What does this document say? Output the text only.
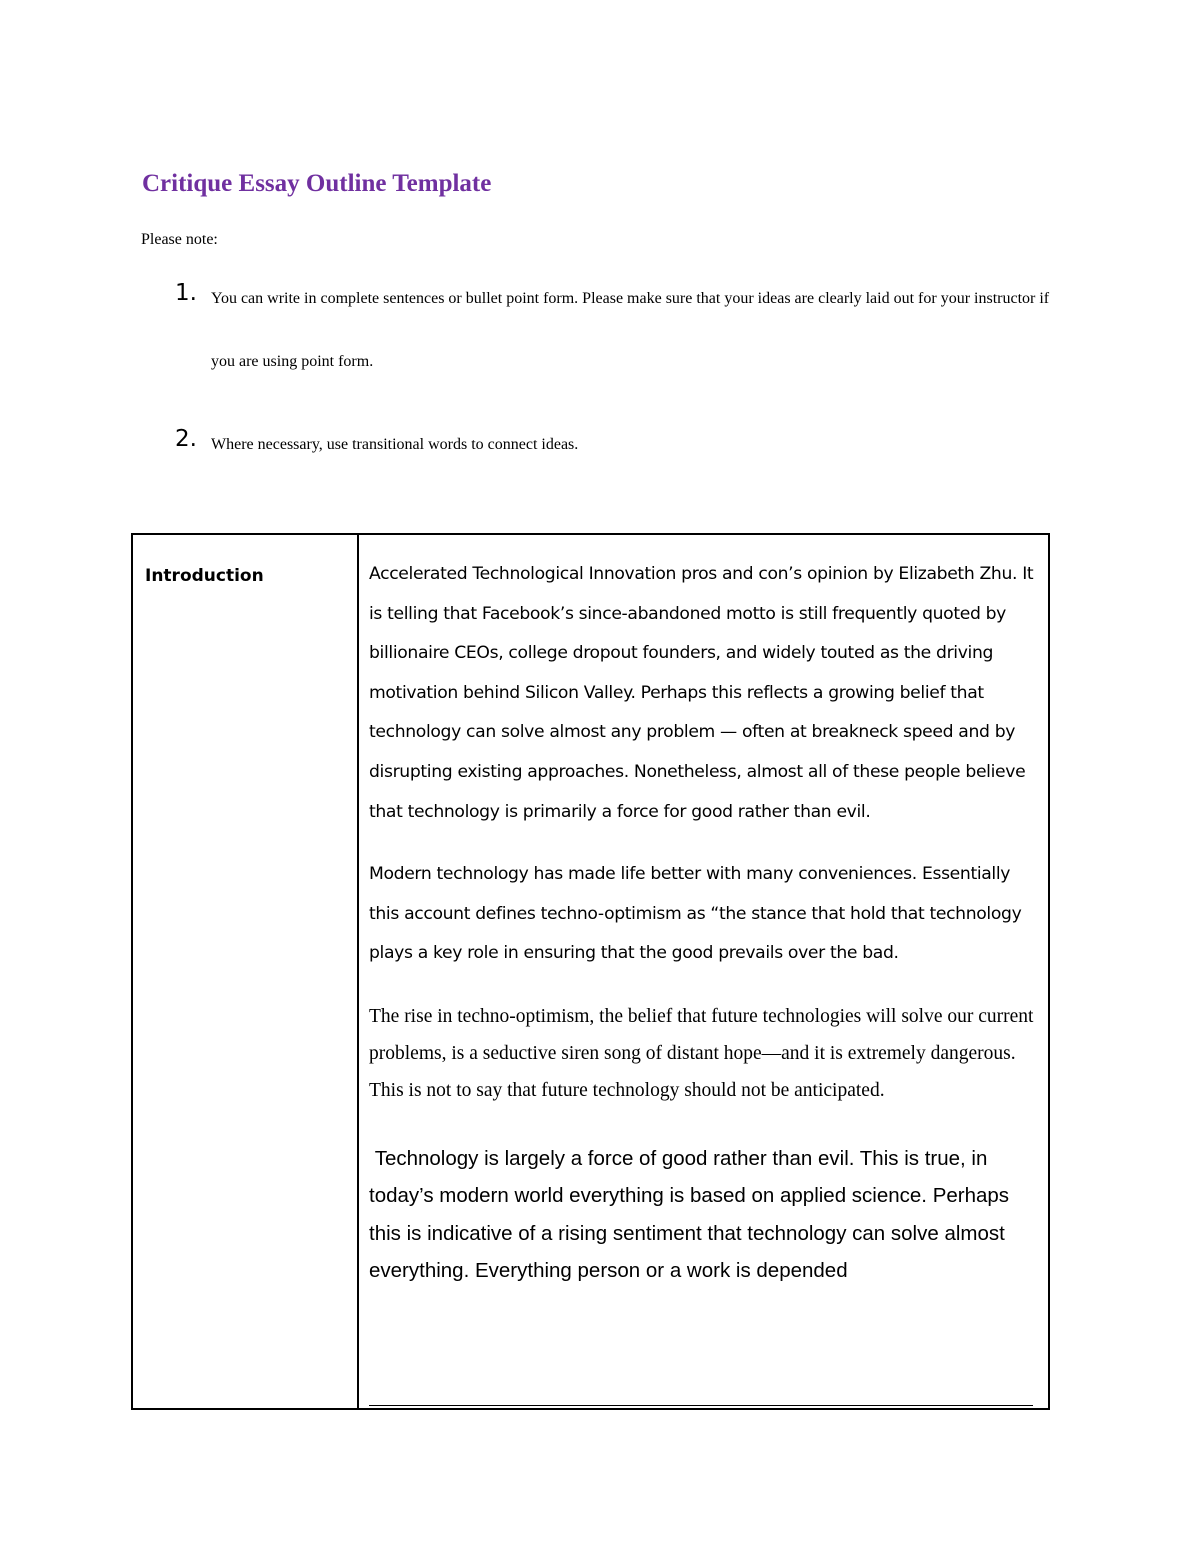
Critique Essay Outline Template
Please note:
1. You can write in complete sentences or bullet point form. Please make sure that your ideas are clearly laid out for your instructor if you are using point form.
2. Where necessary, use transitional words to connect ideas.
Introduction	Accelerated Technological Innovation pros and con’s opinion by Elizabeth Zhu. It is telling that Facebook’s since-abandoned motto is still frequently quoted by billionaire CEOs, college dropout founders, and widely touted as the driving motivation behind Silicon Valley. Perhaps this reflects a growing belief that technology can solve almost any problem — often at breakneck speed and by disrupting existing approaches. Nonetheless, almost all of these people believe that technology is primarily a force for good rather than evil.

Modern technology has made life better with many conveniences. Essentially this account defines techno-optimism as “the stance that hold that technology plays a key role in ensuring that the good prevails over the bad.

The rise in techno-optimism, the belief that future technologies will solve our current problems, is a seductive siren song of distant hope—and it is extremely dangerous. This is not to say that future technology should not be anticipated.

Technology is largely a force of good rather than evil. This is true, in today’s modern world everything is based on applied science. Perhaps this is indicative of a rising sentiment that technology can solve almost everything. Everything person or a work is depended
